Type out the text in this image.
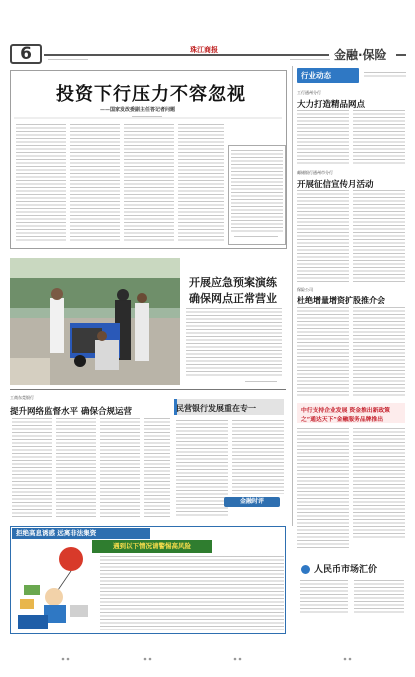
6	珠江商报	金融·保险
投资下行压力不容忽视
——国家发改委副主任答记者问题
开展应急预案演练
确保网点正常营业
工商东莞银行
提升网络监督水平 确保合规运营	民营银行发展重在专一
金融时评
行业动态
工行通州分行
大力打造精品网点
邮储银行通州市分行
开展征信宣传月活动
保险公司
杜绝增量增资扩股推介会
中行支持企业发展 资金推出新政策
之“通达天下”金融服务品牌推出
拒绝高息诱惑 远离非法集资
遇到以下情况请警惕高风险
人民币市场汇价
